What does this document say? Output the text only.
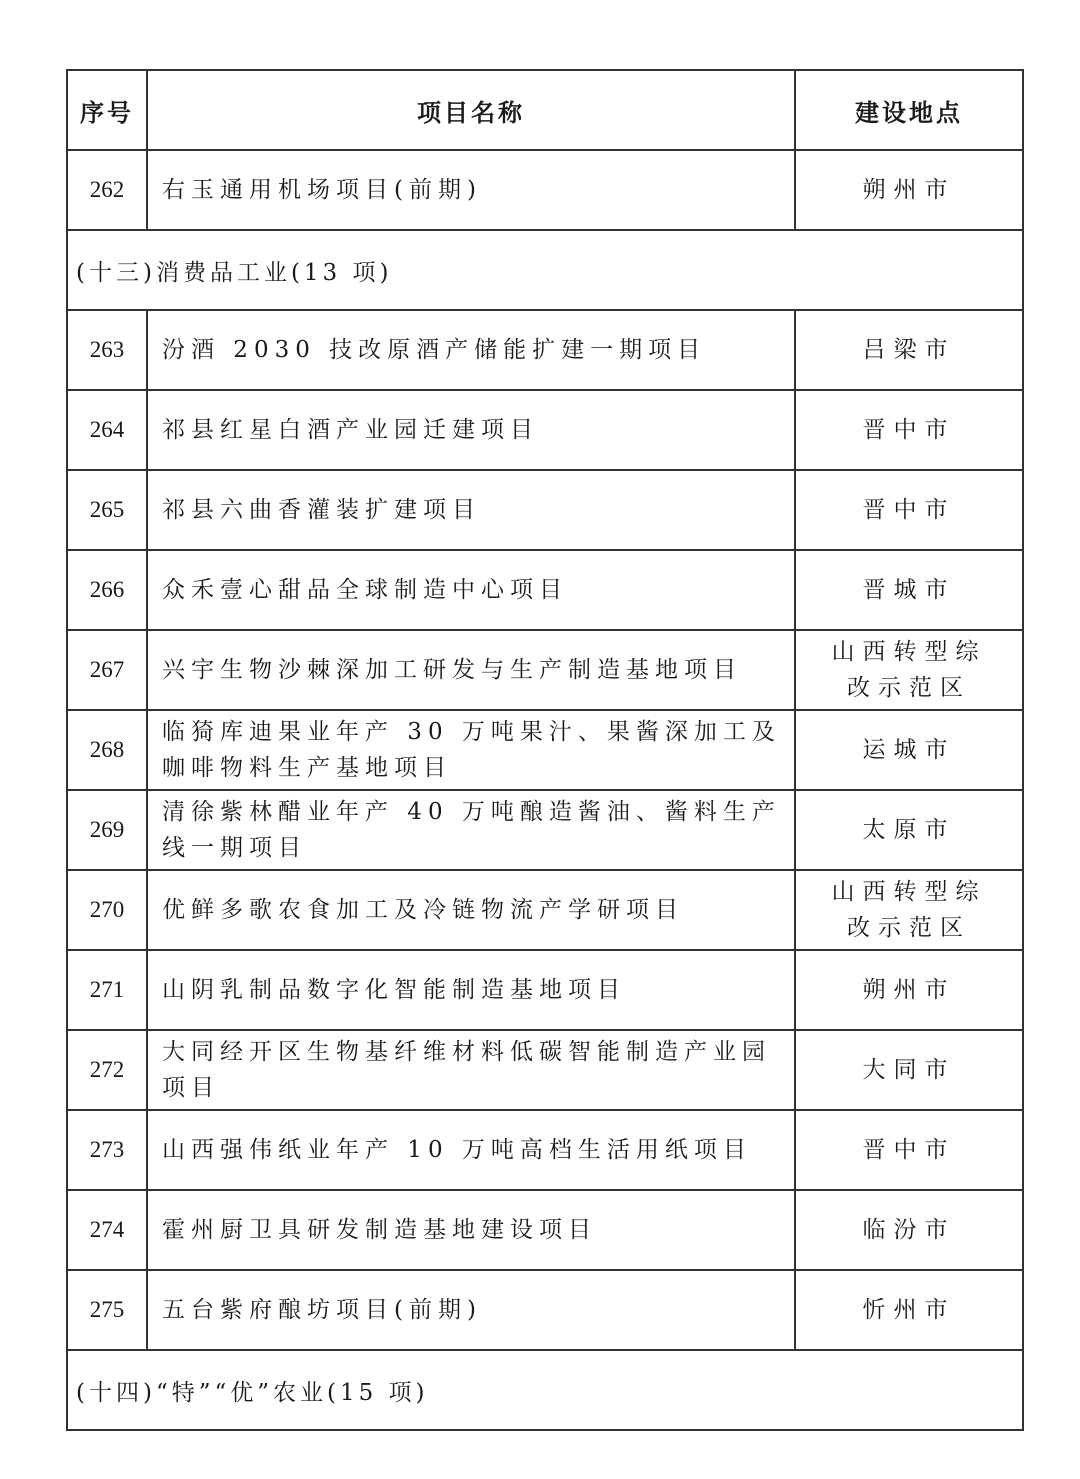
序号	项目名称	建设地点
262	右玉通用机场项目(前期)	朔州市
(十三)消费品工业(13 项)		
263	汾酒 2030 技改原酒产储能扩建一期项目	吕梁市
264	祁县红星白酒产业园迁建项目	晋中市
265	祁县六曲香灌装扩建项目	晋中市
266	众禾壹心甜品全球制造中心项目	晋城市
267	兴宇生物沙棘深加工研发与生产制造基地项目	山西转型综改示范区
268	临猗库迪果业年产 30 万吨果汁、果酱深加工及咖啡物料生产基地项目	运城市
269	清徐紫林醋业年产 40 万吨酿造酱油、酱料生产线一期项目	太原市
270	优鲜多歌农食加工及冷链物流产学研项目	山西转型综改示范区
271	山阴乳制品数字化智能制造基地项目	朔州市
272	大同经开区生物基纤维材料低碳智能制造产业园项目	大同市
273	山西强伟纸业年产 10 万吨高档生活用纸项目	晋中市
274	霍州厨卫具研发制造基地建设项目	临汾市
275	五台紫府酿坊项目(前期)	忻州市
(十四)“特”“优”农业(15 项)		
